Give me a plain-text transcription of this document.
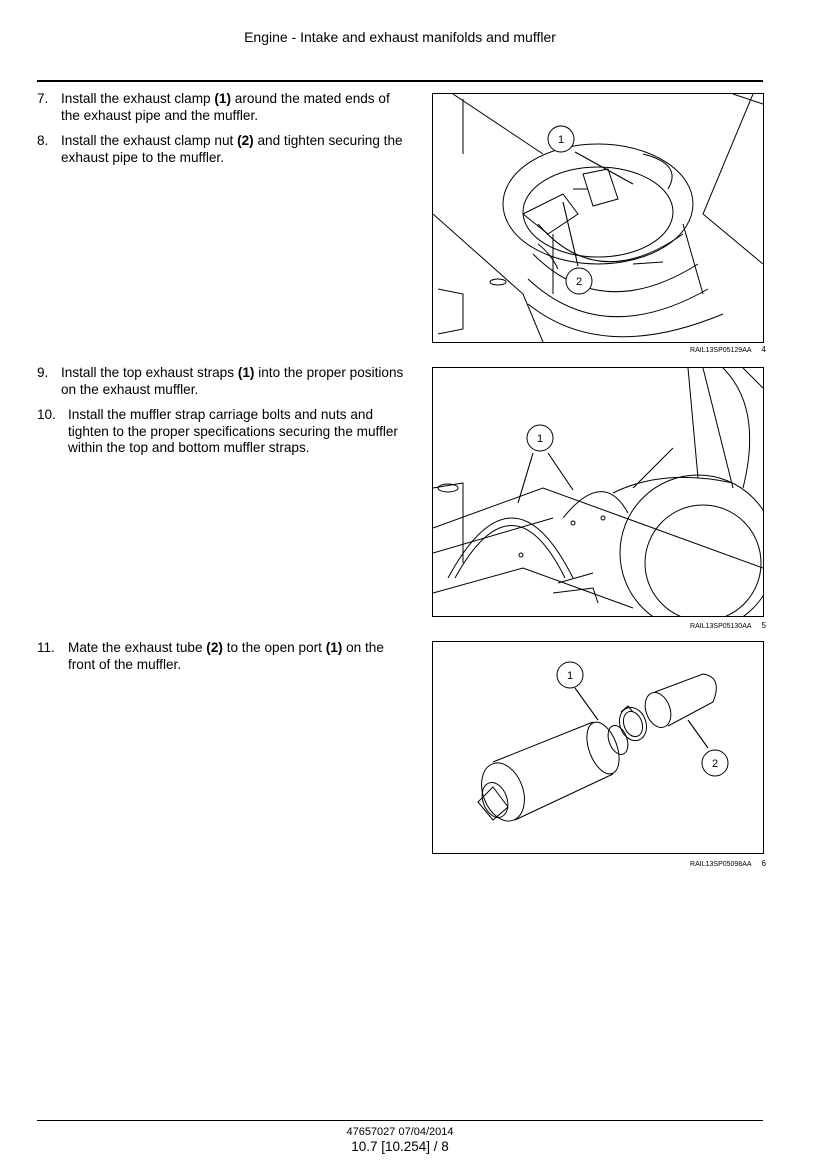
Engine - Intake and exhaust manifolds and muffler
7. Install the exhaust clamp (1) around the mated ends of the exhaust pipe and the muffler.
8. Install the exhaust clamp nut (2) and tighten securing the exhaust pipe to the muffler.
1
2
RAIL13SP05129AA 4
9. Install the top exhaust straps (1) into the proper positions on the exhaust muffler.
10. Install the muffler strap carriage bolts and nuts and tighten to the proper specifications securing the muffler within the top and bottom muffler straps.
1
RAIL13SP05130AA 5
11. Mate the exhaust tube (2) to the open port (1) on the front of the muffler.
1
2
RAIL13SP05098AA 6
47657027 07/04/2014
10.7 [10.254] / 8
